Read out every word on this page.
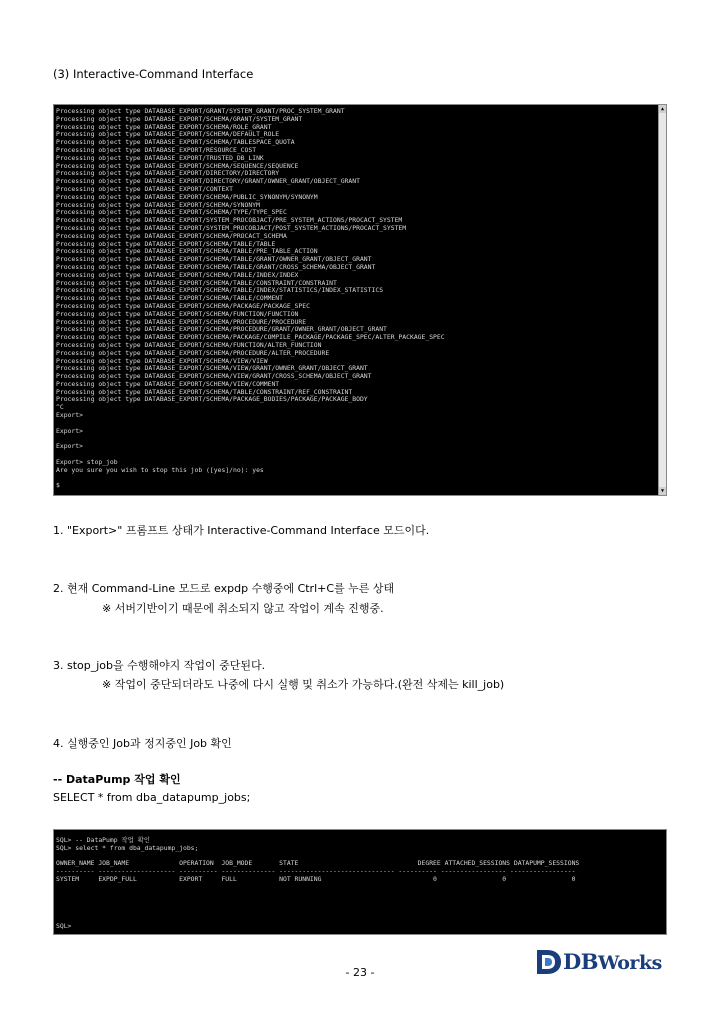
(3) Interactive-Command Interface
Processing object type DATABASE_EXPORT/GRANT/SYSTEM_GRANT/PROC_SYSTEM_GRANT
Processing object type DATABASE_EXPORT/SCHEMA/GRANT/SYSTEM_GRANT
Processing object type DATABASE_EXPORT/SCHEMA/ROLE_GRANT
Processing object type DATABASE_EXPORT/SCHEMA/DEFAULT_ROLE
Processing object type DATABASE_EXPORT/SCHEMA/TABLESPACE_QUOTA
Processing object type DATABASE_EXPORT/RESOURCE_COST
Processing object type DATABASE_EXPORT/TRUSTED_DB_LINK
Processing object type DATABASE_EXPORT/SCHEMA/SEQUENCE/SEQUENCE
Processing object type DATABASE_EXPORT/DIRECTORY/DIRECTORY
Processing object type DATABASE_EXPORT/DIRECTORY/GRANT/OWNER_GRANT/OBJECT_GRANT
Processing object type DATABASE_EXPORT/CONTEXT
Processing object type DATABASE_EXPORT/SCHEMA/PUBLIC_SYNONYM/SYNONYM
Processing object type DATABASE_EXPORT/SCHEMA/SYNONYM
Processing object type DATABASE_EXPORT/SCHEMA/TYPE/TYPE_SPEC
Processing object type DATABASE_EXPORT/SYSTEM_PROCOBJACT/PRE_SYSTEM_ACTIONS/PROCACT_SYSTEM
Processing object type DATABASE_EXPORT/SYSTEM_PROCOBJACT/POST_SYSTEM_ACTIONS/PROCACT_SYSTEM
Processing object type DATABASE_EXPORT/SCHEMA/PROCACT_SCHEMA
Processing object type DATABASE_EXPORT/SCHEMA/TABLE/TABLE
Processing object type DATABASE_EXPORT/SCHEMA/TABLE/PRE_TABLE_ACTION
Processing object type DATABASE_EXPORT/SCHEMA/TABLE/GRANT/OWNER_GRANT/OBJECT_GRANT
Processing object type DATABASE_EXPORT/SCHEMA/TABLE/GRANT/CROSS_SCHEMA/OBJECT_GRANT
Processing object type DATABASE_EXPORT/SCHEMA/TABLE/INDEX/INDEX
Processing object type DATABASE_EXPORT/SCHEMA/TABLE/CONSTRAINT/CONSTRAINT
Processing object type DATABASE_EXPORT/SCHEMA/TABLE/INDEX/STATISTICS/INDEX_STATISTICS
Processing object type DATABASE_EXPORT/SCHEMA/TABLE/COMMENT
Processing object type DATABASE_EXPORT/SCHEMA/PACKAGE/PACKAGE_SPEC
Processing object type DATABASE_EXPORT/SCHEMA/FUNCTION/FUNCTION
Processing object type DATABASE_EXPORT/SCHEMA/PROCEDURE/PROCEDURE
Processing object type DATABASE_EXPORT/SCHEMA/PROCEDURE/GRANT/OWNER_GRANT/OBJECT_GRANT
Processing object type DATABASE_EXPORT/SCHEMA/PACKAGE/COMPILE_PACKAGE/PACKAGE_SPEC/ALTER_PACKAGE_SPEC
Processing object type DATABASE_EXPORT/SCHEMA/FUNCTION/ALTER_FUNCTION
Processing object type DATABASE_EXPORT/SCHEMA/PROCEDURE/ALTER_PROCEDURE
Processing object type DATABASE_EXPORT/SCHEMA/VIEW/VIEW
Processing object type DATABASE_EXPORT/SCHEMA/VIEW/GRANT/OWNER_GRANT/OBJECT_GRANT
Processing object type DATABASE_EXPORT/SCHEMA/VIEW/GRANT/CROSS_SCHEMA/OBJECT_GRANT
Processing object type DATABASE_EXPORT/SCHEMA/VIEW/COMMENT
Processing object type DATABASE_EXPORT/SCHEMA/TABLE/CONSTRAINT/REF_CONSTRAINT
Processing object type DATABASE_EXPORT/SCHEMA/PACKAGE_BODIES/PACKAGE/PACKAGE_BODY
^C
Export>
Export>
Export>
Export> stop_job
Are you sure you wish to stop this job ([yes]/no): yes
$
▲
▼
1. "Export>" 프롬프트 상태가 Interactive-Command Interface 모드이다.
2. 현재 Command-Line 모드로 expdp 수행중에 Ctrl+C를 누른 상태
※ 서버기반이기 때문에 취소되지 않고 작업이 계속 진행중.
3. stop_job을 수행해야지 작업이 중단된다.
※ 작업이 중단되더라도 나중에 다시 실행 및 취소가 가능하다.(완전 삭제는 kill_job)
4. 실행중인 Job과 정지중인 Job 확인
-- DataPump 작업 확인
SELECT * from dba_datapump_jobs;
SQL> -- DataPump 작업 확인
SQL> select * from dba_datapump_jobs;
OWNER_NAME JOB_NAME             OPERATION  JOB_MODE       STATE                               DEGREE ATTACHED_SESSIONS DATAPUMP_SESSIONS
---------- -------------------- ---------- -------------- ------------------------------ ---------- ----------------- -----------------
SYSTEM     EXPDP_FULL           EXPORT     FULL           NOT RUNNING                             0                 0                 0
SQL>
- 23 -	DBWorks
